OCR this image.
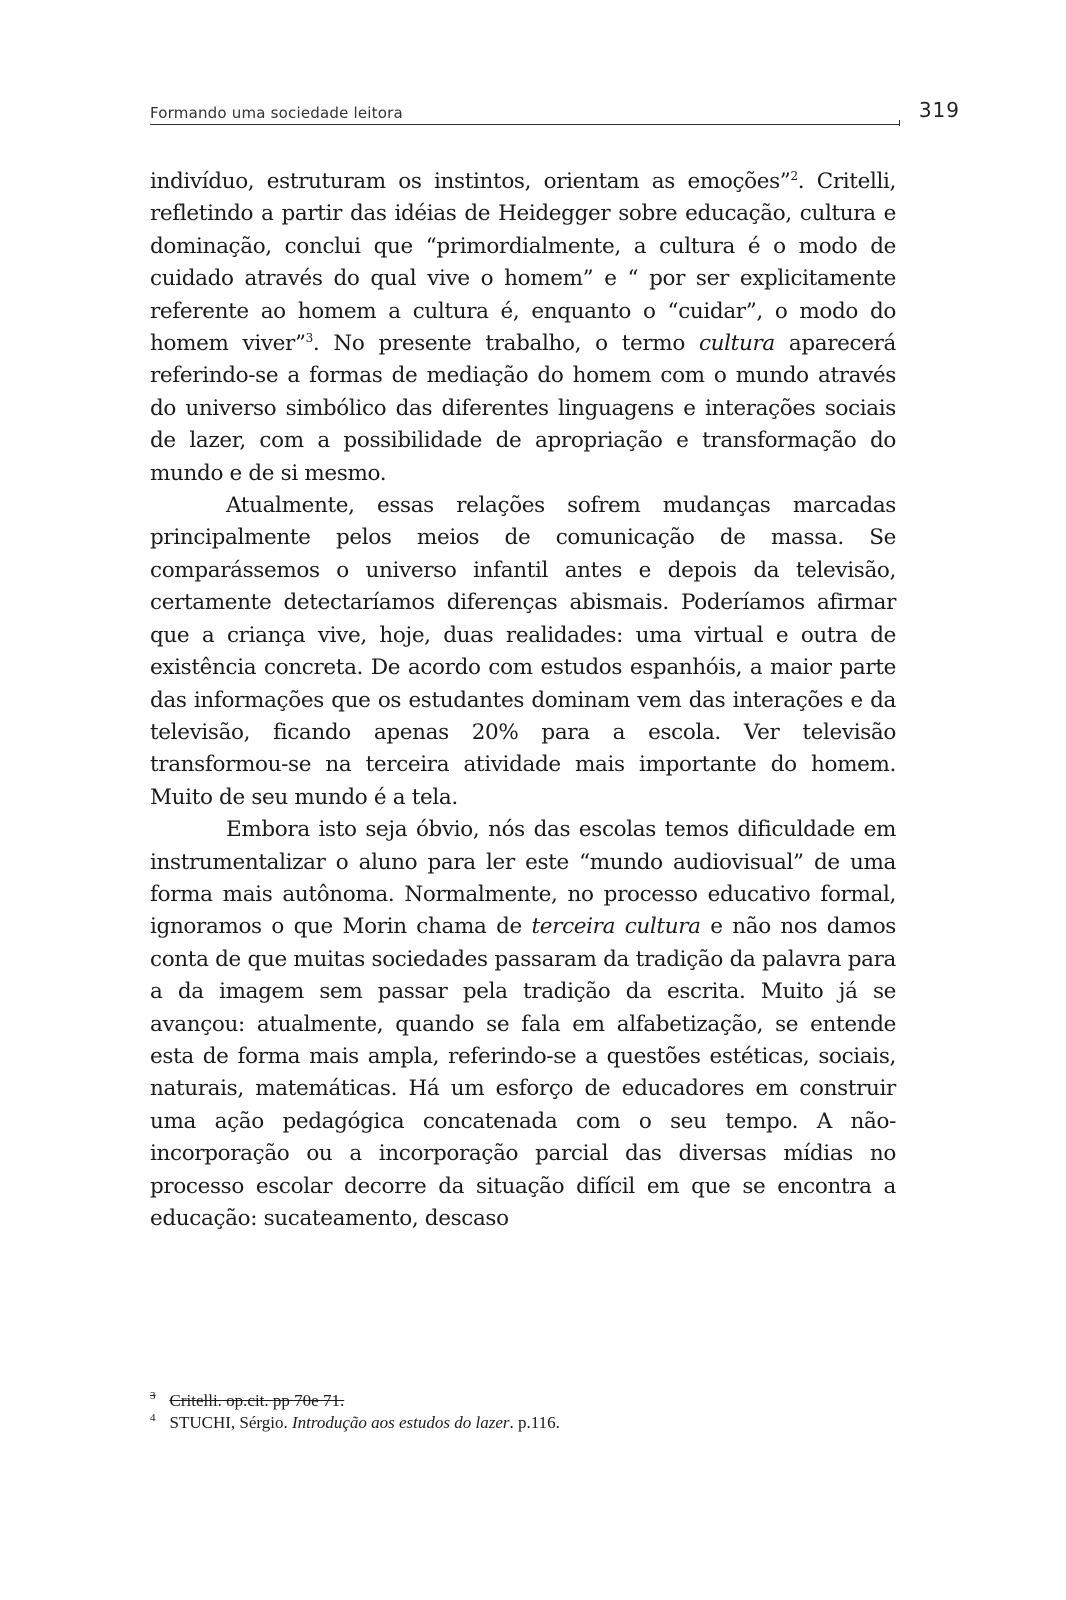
Formando uma sociedade leitora	319

indivíduo, estruturam os instintos, orientam as emoções”$^2$. Critelli, refletindo a partir das idéias de Heidegger sobre educação, cultura e dominação, conclui que “primordialmente, a cultura é o modo de cuidado através do qual vive o homem” e “ por ser explicitamente referente ao homem a cultura é, enquanto o “cuidar”, o modo do homem viver”$^3$. No presente trabalho, o termo cultura aparecerá referindo-se a formas de mediação do homem com o mundo através do universo simbólico das diferentes linguagens e interações sociais de lazer, com a possibilidade de apropriação e transformação do mundo e de si mesmo.

Atualmente, essas relações sofrem mudanças marcadas principalmente pelos meios de comunicação de massa. Se comparássemos o universo infantil antes e depois da televisão, certamente detectaríamos diferenças abismais. Poderíamos afirmar que a criança vive, hoje, duas realidades: uma virtual e outra de existência concreta. De acordo com estudos espanhóis, a maior parte das informações que os estudantes dominam vem das interações e da televisão, ficando apenas 20% para a escola. Ver televisão transformou-se na terceira atividade mais importante do homem. Muito de seu mundo é a tela.

Embora isto seja óbvio, nós das escolas temos dificuldade em instrumentalizar o aluno para ler este “mundo audiovisual” de uma forma mais autônoma. Normalmente, no processo educativo formal, ignoramos o que Morin chama de terceira cultura e não nos damos conta de que muitas sociedades passaram da tradição da palavra para a da imagem sem passar pela tradição da escrita. Muito já se avançou: atualmente, quando se fala em alfabetização, se entende esta de forma mais ampla, referindo-se a questões estéticas, sociais, naturais, matemáticas. Há um esforço de educadores em construir uma ação pedagógica concatenada com o seu tempo. A não-incorporação ou a incorporação parcial das diversas mídias no processo escolar decorre da situação difícil em que se encontra a educação: sucateamento, descaso

$^3$ Critelli. op.cit. pp 70e 71.

$^4$ STUCHI, Sérgio. Introdução aos estudos do lazer. p.116.
